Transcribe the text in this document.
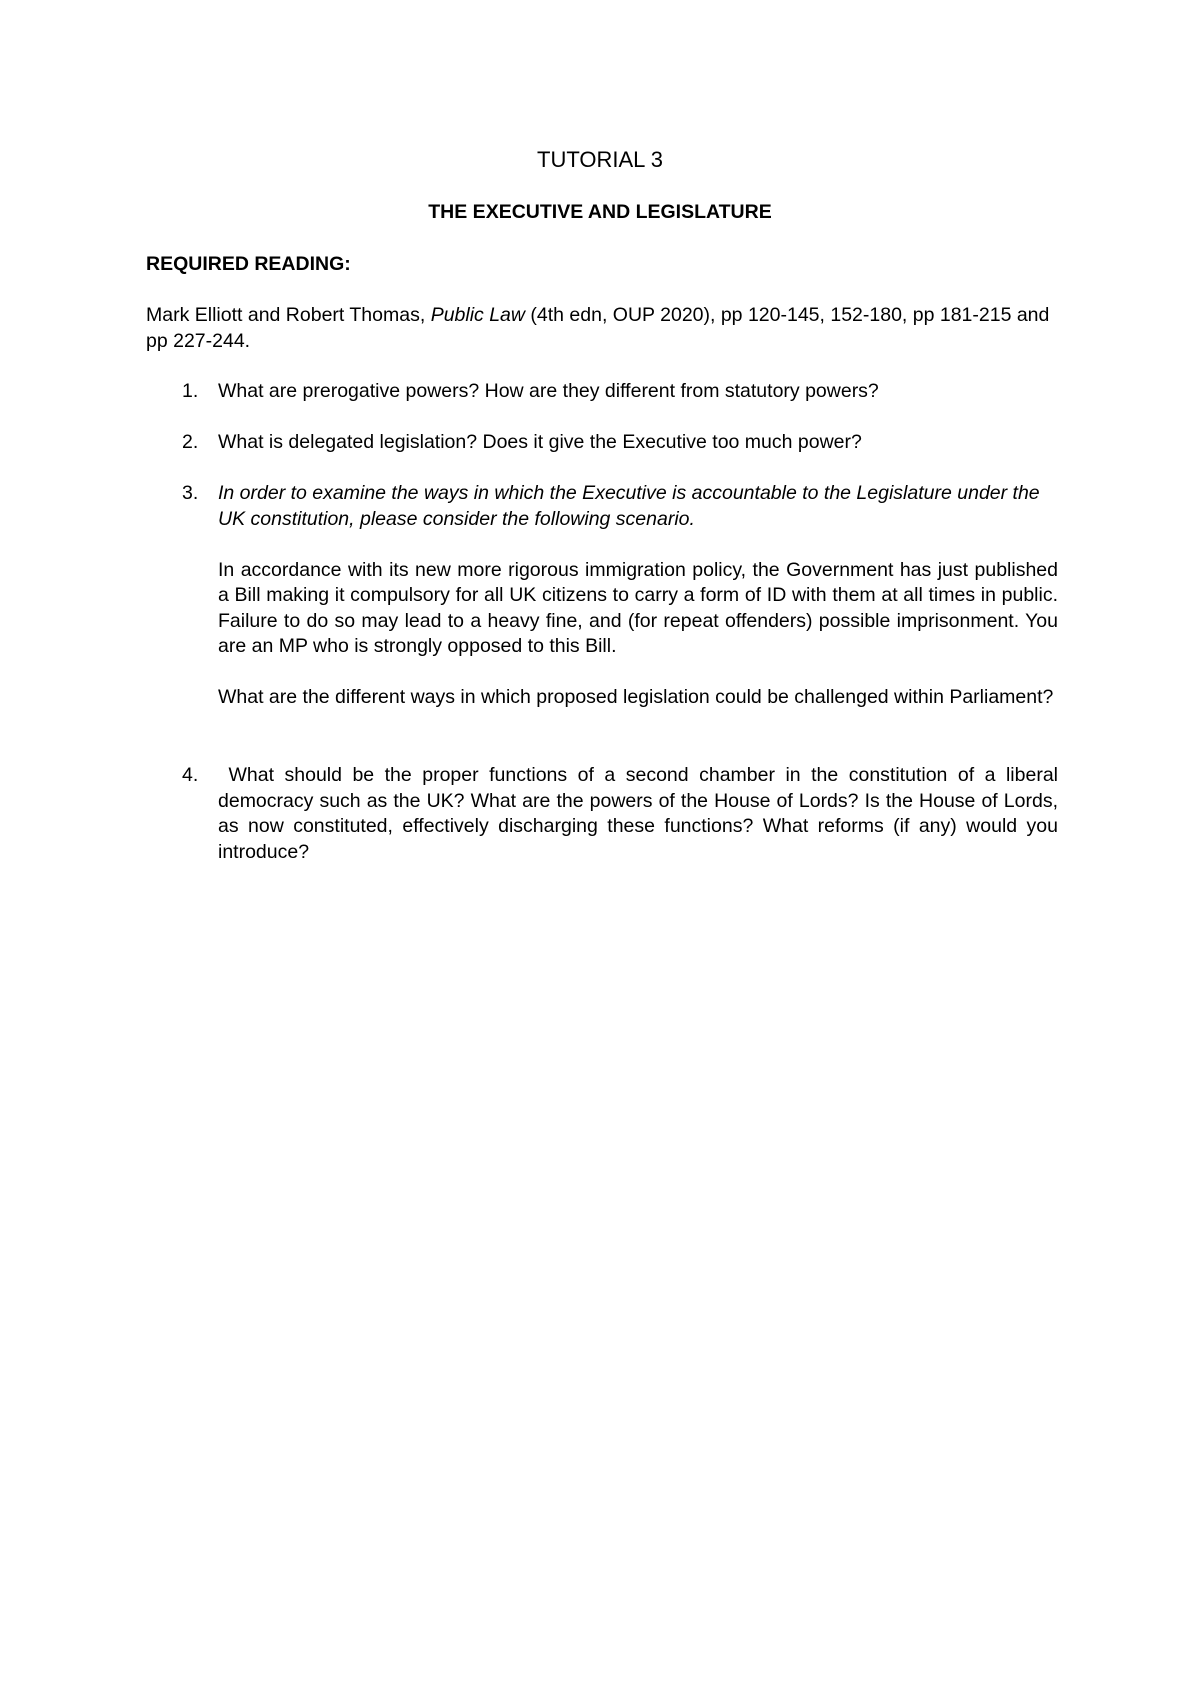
TUTORIAL 3
THE EXECUTIVE AND LEGISLATURE
REQUIRED READING:
Mark Elliott and Robert Thomas, Public Law (4th edn, OUP 2020), pp 120-145, 152-180, pp 181-215 and pp 227-244.
1. What are prerogative powers? How are they different from statutory powers?

2. What is delegated legislation? Does it give the Executive too much power?

3. In order to examine the ways in which the Executive is accountable to the Legislature under the UK constitution, please consider the following scenario.

In accordance with its new more rigorous immigration policy, the Government has just published a Bill making it compulsory for all UK citizens to carry a form of ID with them at all times in public. Failure to do so may lead to a heavy fine, and (for repeat offenders) possible imprisonment. You are an MP who is strongly opposed to this Bill.

What are the different ways in which proposed legislation could be challenged within Parliament?

4. What should be the proper functions of a second chamber in the constitution of a liberal democracy such as the UK? What are the powers of the House of Lords? Is the House of Lords, as now constituted, effectively discharging these functions? What reforms (if any) would you introduce?
